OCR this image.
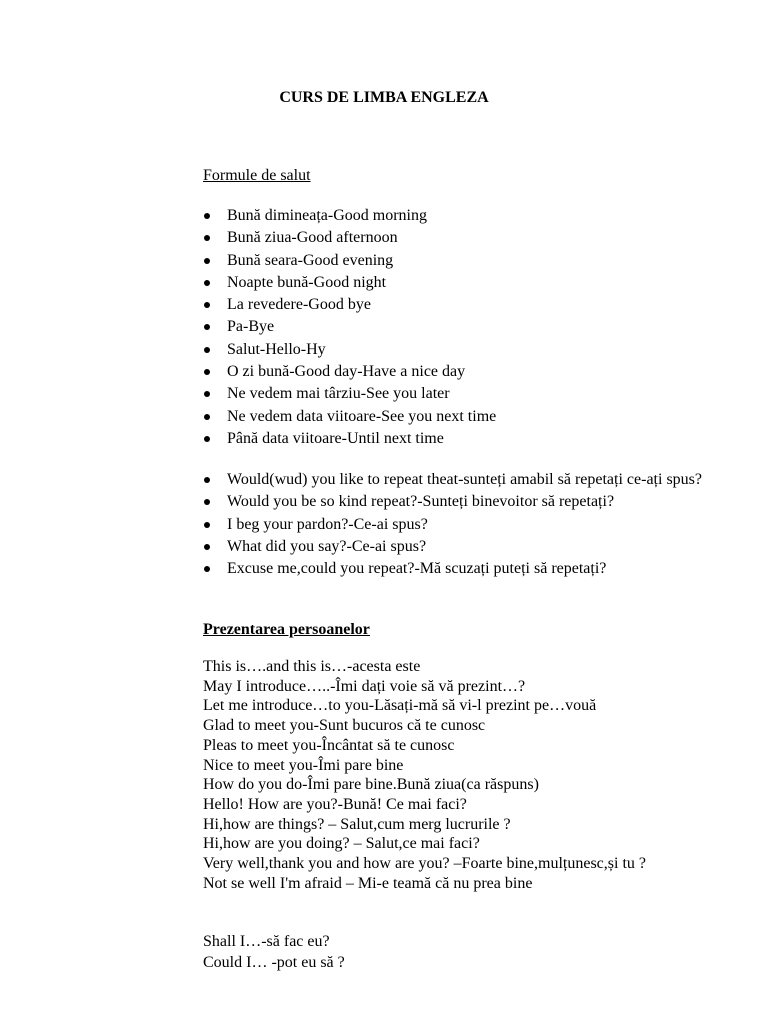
CURS DE LIMBA ENGLEZA
Formule de salut
Bună dimineața-Good morning
Bună ziua-Good afternoon
Bună seara-Good evening
Noapte bună-Good night
La revedere-Good bye
Pa-Bye
Salut-Hello-Hy
O zi bună-Good day-Have a nice day
Ne vedem mai târziu-See you later
Ne vedem data viitoare-See you next time
Până data viitoare-Until next time
Would(wud) you like to repeat theat-sunteți amabil să repetați ce-ați spus?
Would you be so kind repeat?-Sunteți binevoitor să repetați?
I beg your pardon?-Ce-ai spus?
What did you say?-Ce-ai spus?
Excuse me,could you repeat?-Mă scuzați puteți să repetați?
Prezentarea persoanelor
This is….and this is…-acesta este
May I introduce…..-Îmi dați voie să vă prezint…?
Let me introduce…to you-Lăsați-mă să vi-l prezint pe…vouă
Glad to meet you-Sunt bucuros că te cunosc
Pleas to meet you-Încântat să te cunosc
Nice to meet you-Îmi pare bine
How do you do-Îmi pare bine.Bună ziua(ca răspuns)
Hello! How are you?-Bună! Ce mai faci?
Hi,how are things? – Salut,cum merg lucrurile ?
Hi,how are you doing? – Salut,ce mai faci?
Very well,thank you and how are you? –Foarte bine,mulțunesc,și tu ?
Not se well I'm afraid – Mi-e teamă că nu prea bine
Shall I…-să fac eu?
Could I… -pot eu să ?
